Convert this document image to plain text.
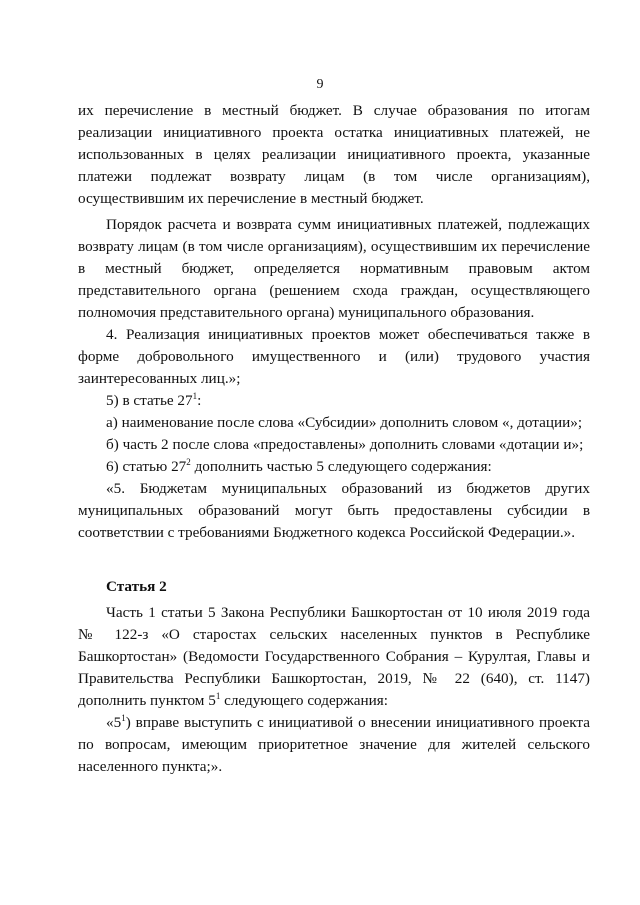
9

их перечисление в местный бюджет. В случае образования по итогам реализации инициативного проекта остатка инициативных платежей, не использованных в целях реализации инициативного проекта, указанные платежи подлежат возврату лицам (в том числе организациям), осуществившим их перечисление в местный бюджет.

Порядок расчета и возврата сумм инициативных платежей, подлежащих возврату лицам (в том числе организациям), осуществившим их перечисление в местный бюджет, определяется нормативным правовым актом представительного органа (решением схода граждан, осуществляющего полномочия представительного органа) муниципального образования.

4. Реализация инициативных проектов может обеспечиваться также в форме добровольного имущественного и (или) трудового участия заинтересованных лиц.»;

5) в статье $27^1$:

а) наименование после слова «Субсидии» дополнить словом «, дотации»;

б) часть 2 после слова «предоставлены» дополнить словами «дотации и»;

6) статью $27^2$ дополнить частью 5 следующего содержания:

«5. Бюджетам муниципальных образований из бюджетов других муниципальных образований могут быть предоставлены субсидии в соответствии с требованиями Бюджетного кодекса Российской Федерации.».

Статья 2

Часть 1 статьи 5 Закона Республики Башкортостан от 10 июля 2019 года № 122-з «О старостах сельских населенных пунктов в Республике Башкортостан» (Ведомости Государственного Собрания – Курултая, Главы и Правительства Республики Башкортостан, 2019, № 22 (640), ст. 1147) дополнить пунктом $5^1$ следующего содержания:

«$5^1$) вправе выступить с инициативой о внесении инициативного проекта по вопросам, имеющим приоритетное значение для жителей сельского населенного пункта;».
